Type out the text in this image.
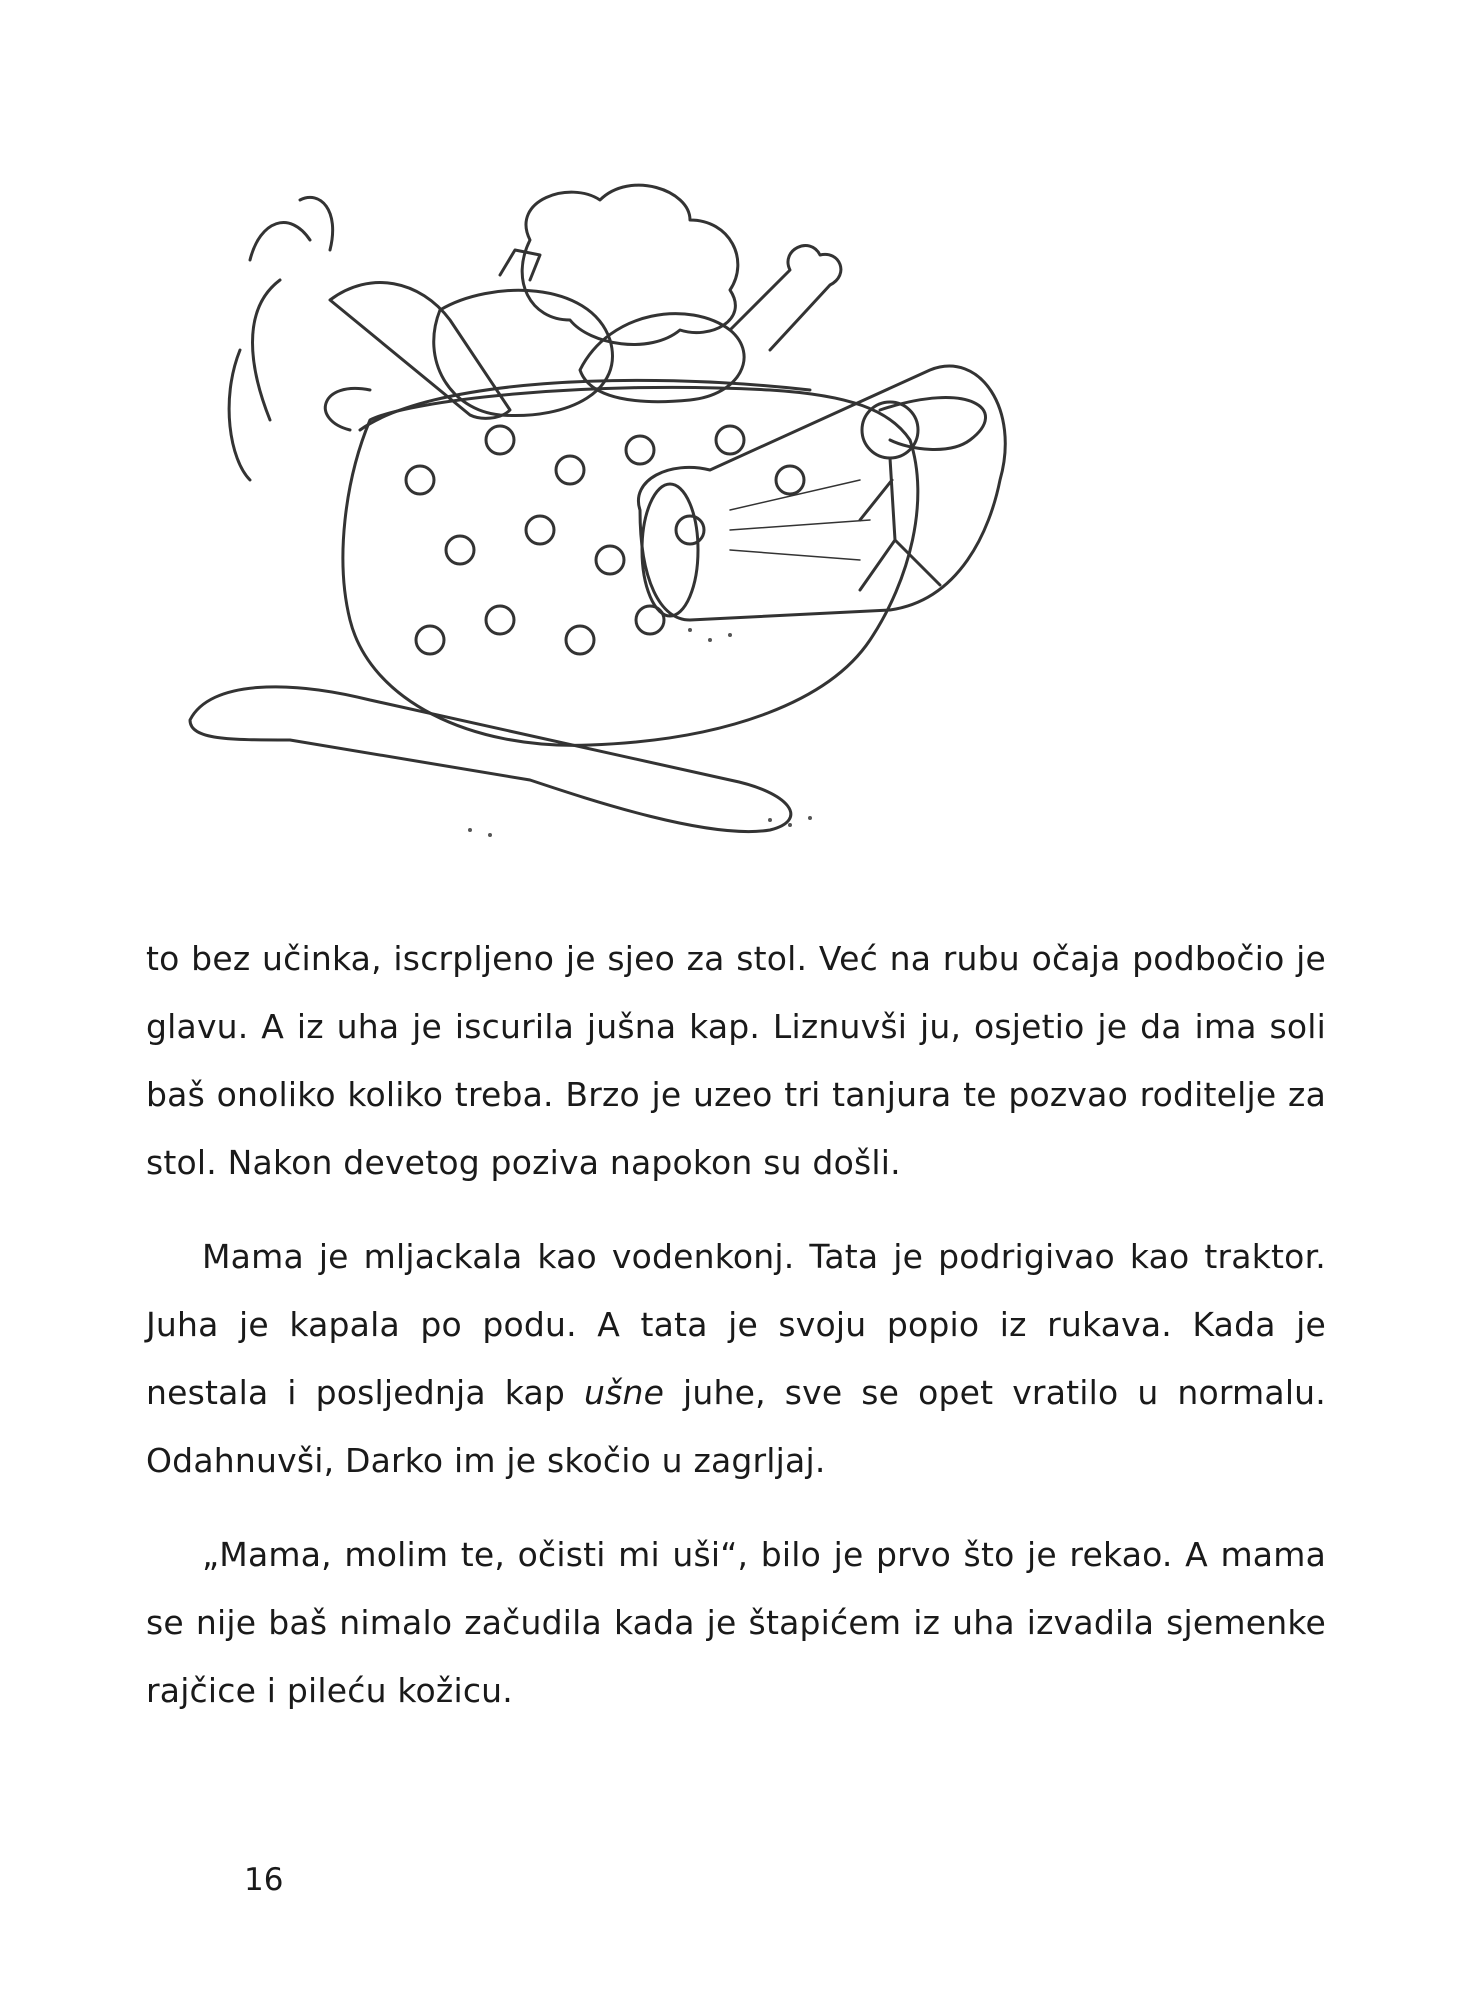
to bez učinka, iscrpljeno je sjeo za stol. Već na rubu očaja podbočio je glavu. A iz uha je iscurila jušna kap. Liznuvši ju, osjetio je da ima soli baš onoliko koliko treba. Brzo je uzeo tri tanjura te pozvao roditelje za stol. Nakon devetog poziva napokon su došli.

Mama je mljackala kao vodenkonj. Tata je podrigivao kao traktor. Juha je kapala po podu. A tata je svoju popio iz rukava. Kada je nestala i posljednja kap ušne juhe, sve se opet vratilo u normalu. Odahnuvši, Darko im je skočio u zagrljaj.

„Mama, molim te, očisti mi uši“, bilo je prvo što je rekao. A mama se nije baš nimalo začudila kada je štapićem iz uha izvadila sjemenke rajčice i pileću kožicu.

16
